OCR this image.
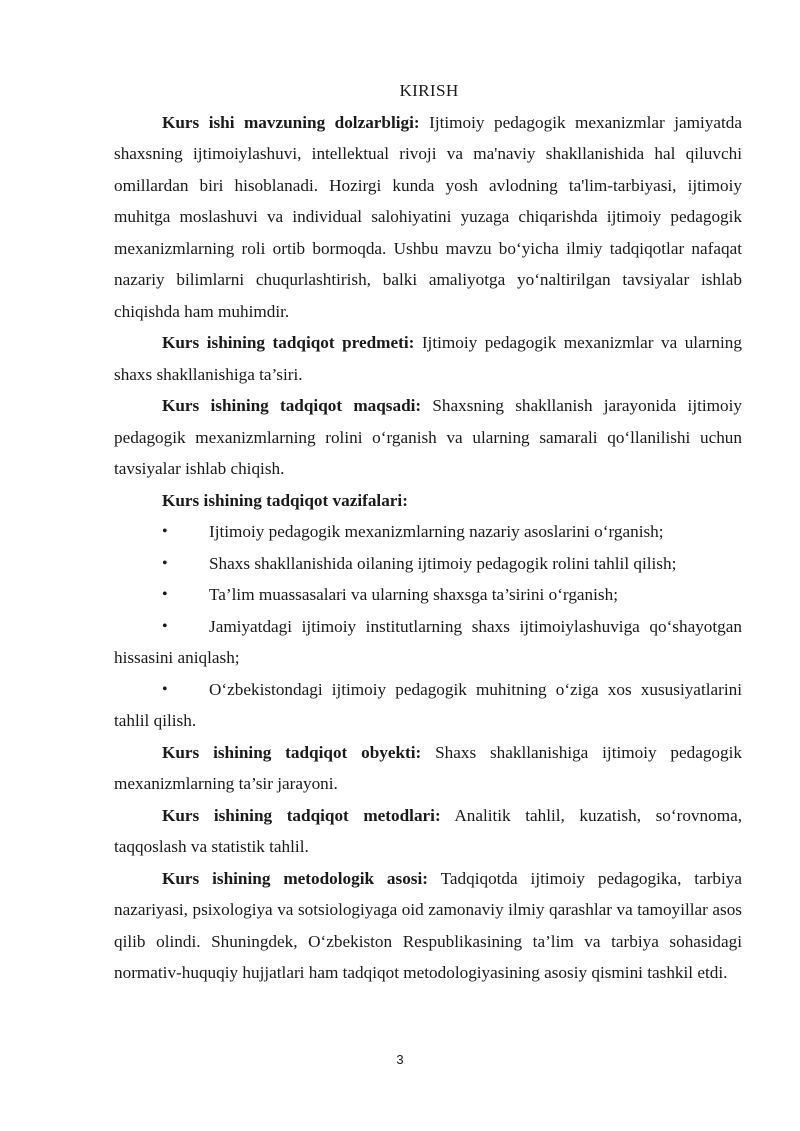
KIRISH

Kurs ishi mavzuning dolzarbligi: Ijtimoiy pedagogik mexanizmlar jamiyatda shaxsning ijtimoiylashuvi, intellektual rivoji va ma'naviy shakllanishida hal qiluvchi omillardan biri hisoblanadi. Hozirgi kunda yosh avlodning ta'lim-tarbiyasi, ijtimoiy muhitga moslashuvi va individual salohiyatini yuzaga chiqarishda ijtimoiy pedagogik mexanizmlarning roli ortib bormoqda. Ushbu mavzu bo‘yicha ilmiy tadqiqotlar nafaqat nazariy bilimlarni chuqurlashtirish, balki amaliyotga yo‘naltirilgan tavsiyalar ishlab chiqishda ham muhimdir.

Kurs ishining tadqiqot predmeti: Ijtimoiy pedagogik mexanizmlar va ularning shaxs shakllanishiga ta’siri.

Kurs ishining tadqiqot maqsadi: Shaxsning shakllanish jarayonida ijtimoiy pedagogik mexanizmlarning rolini o‘rganish va ularning samarali qo‘llanilishi uchun tavsiyalar ishlab chiqish.

Kurs ishining tadqiqot vazifalari:

• Ijtimoiy pedagogik mexanizmlarning nazariy asoslarini o‘rganish;

• Shaxs shakllanishida oilaning ijtimoiy pedagogik rolini tahlil qilish;

• Ta’lim muassasalari va ularning shaxsga ta’sirini o‘rganish;

• Jamiyatdagi ijtimoiy institutlarning shaxs ijtimoiylashuviga qo‘shayotgan hissasini aniqlash;

• O‘zbekistondagi ijtimoiy pedagogik muhitning o‘ziga xos xususiyatlarini tahlil qilish.

Kurs ishining tadqiqot obyekti: Shaxs shakllanishiga ijtimoiy pedagogik mexanizmlarning ta’sir jarayoni.

Kurs ishining tadqiqot metodlari: Analitik tahlil, kuzatish, so‘rovnoma, taqqoslash va statistik tahlil.

Kurs ishining metodologik asosi: Tadqiqotda ijtimoiy pedagogika, tarbiya nazariyasi, psixologiya va sotsiologiyaga oid zamonaviy ilmiy qarashlar va tamoyillar asos qilib olindi. Shuningdek, O‘zbekiston Respublikasining ta’lim va tarbiya sohasidagi normativ-huquqiy hujjatlari ham tadqiqot metodologiyasining asosiy qismini tashkil etdi.

3
